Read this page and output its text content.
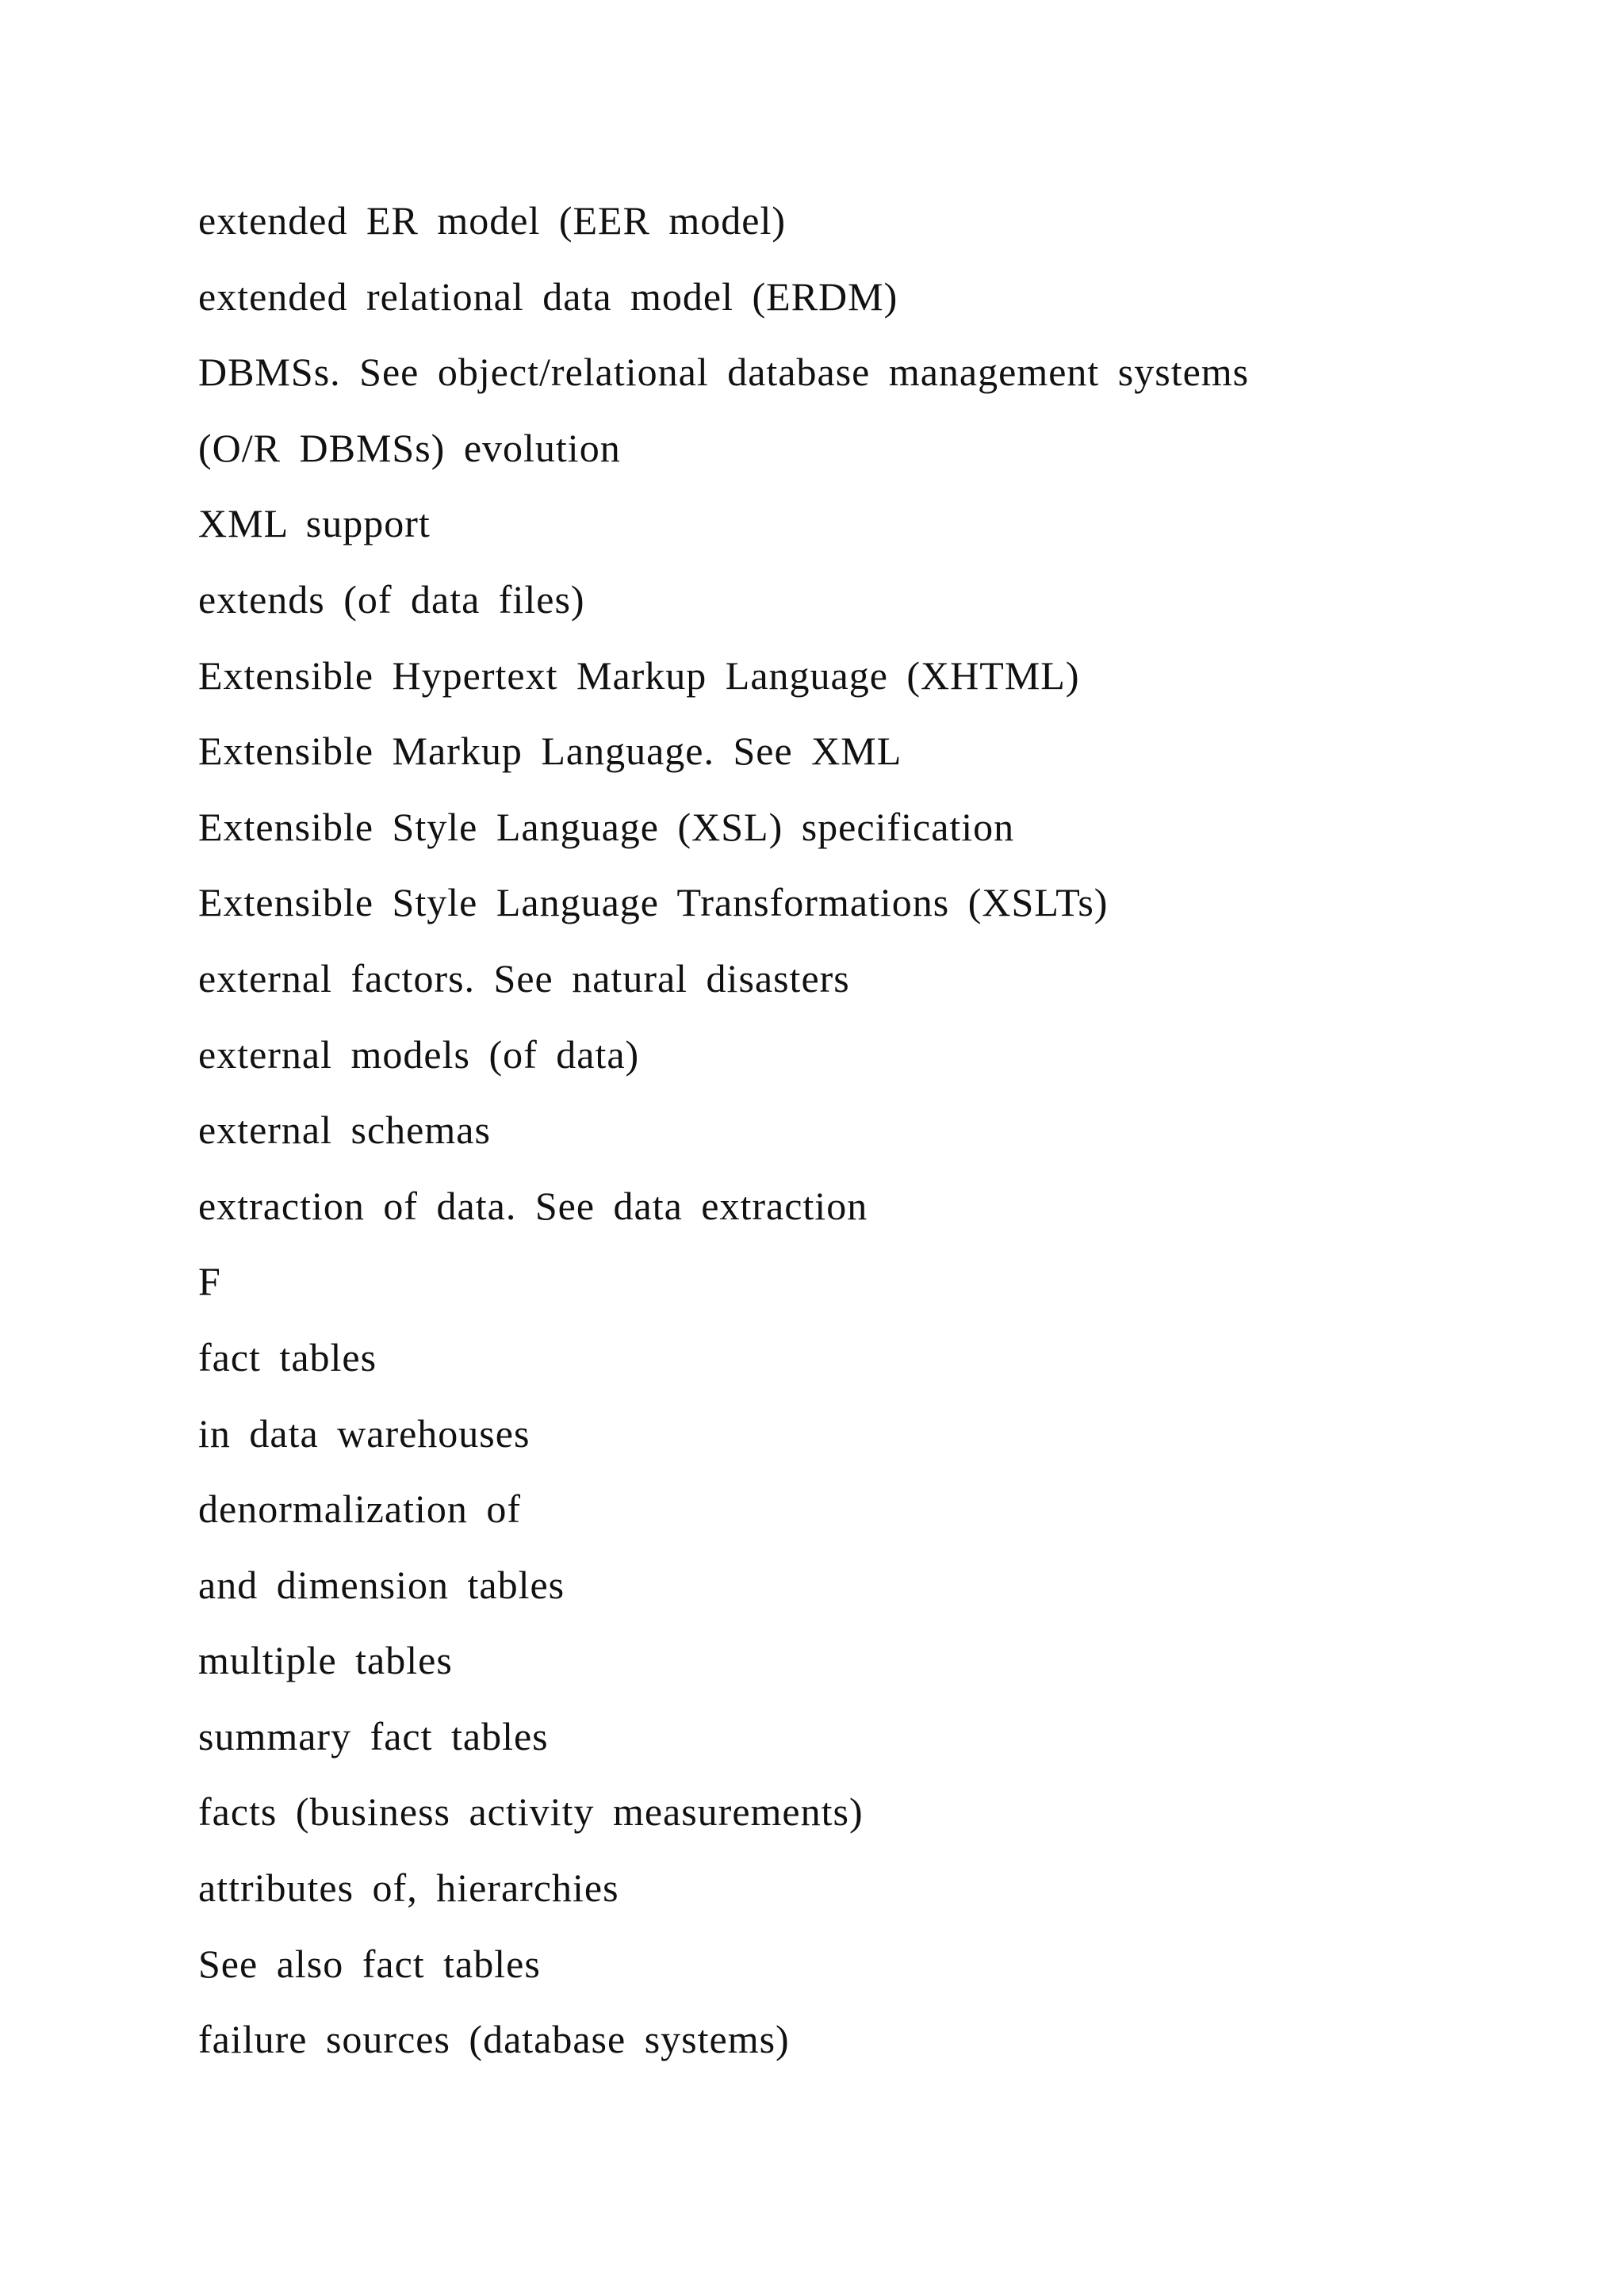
extended ER model (EER model)
extended relational data model (ERDM)
DBMSs. See object/relational database management systems
(O/R DBMSs) evolution
XML support
extends (of data files)
Extensible Hypertext Markup Language (XHTML)
Extensible Markup Language. See XML
Extensible Style Language (XSL) specification
Extensible Style Language Transformations (XSLTs)
external factors. See natural disasters
external models (of data)
external schemas
extraction of data. See data extraction
F
fact tables
in data warehouses
denormalization of
and dimension tables
multiple tables
summary fact tables
facts (business activity measurements)
attributes of, hierarchies
See also fact tables
failure sources (database systems)
